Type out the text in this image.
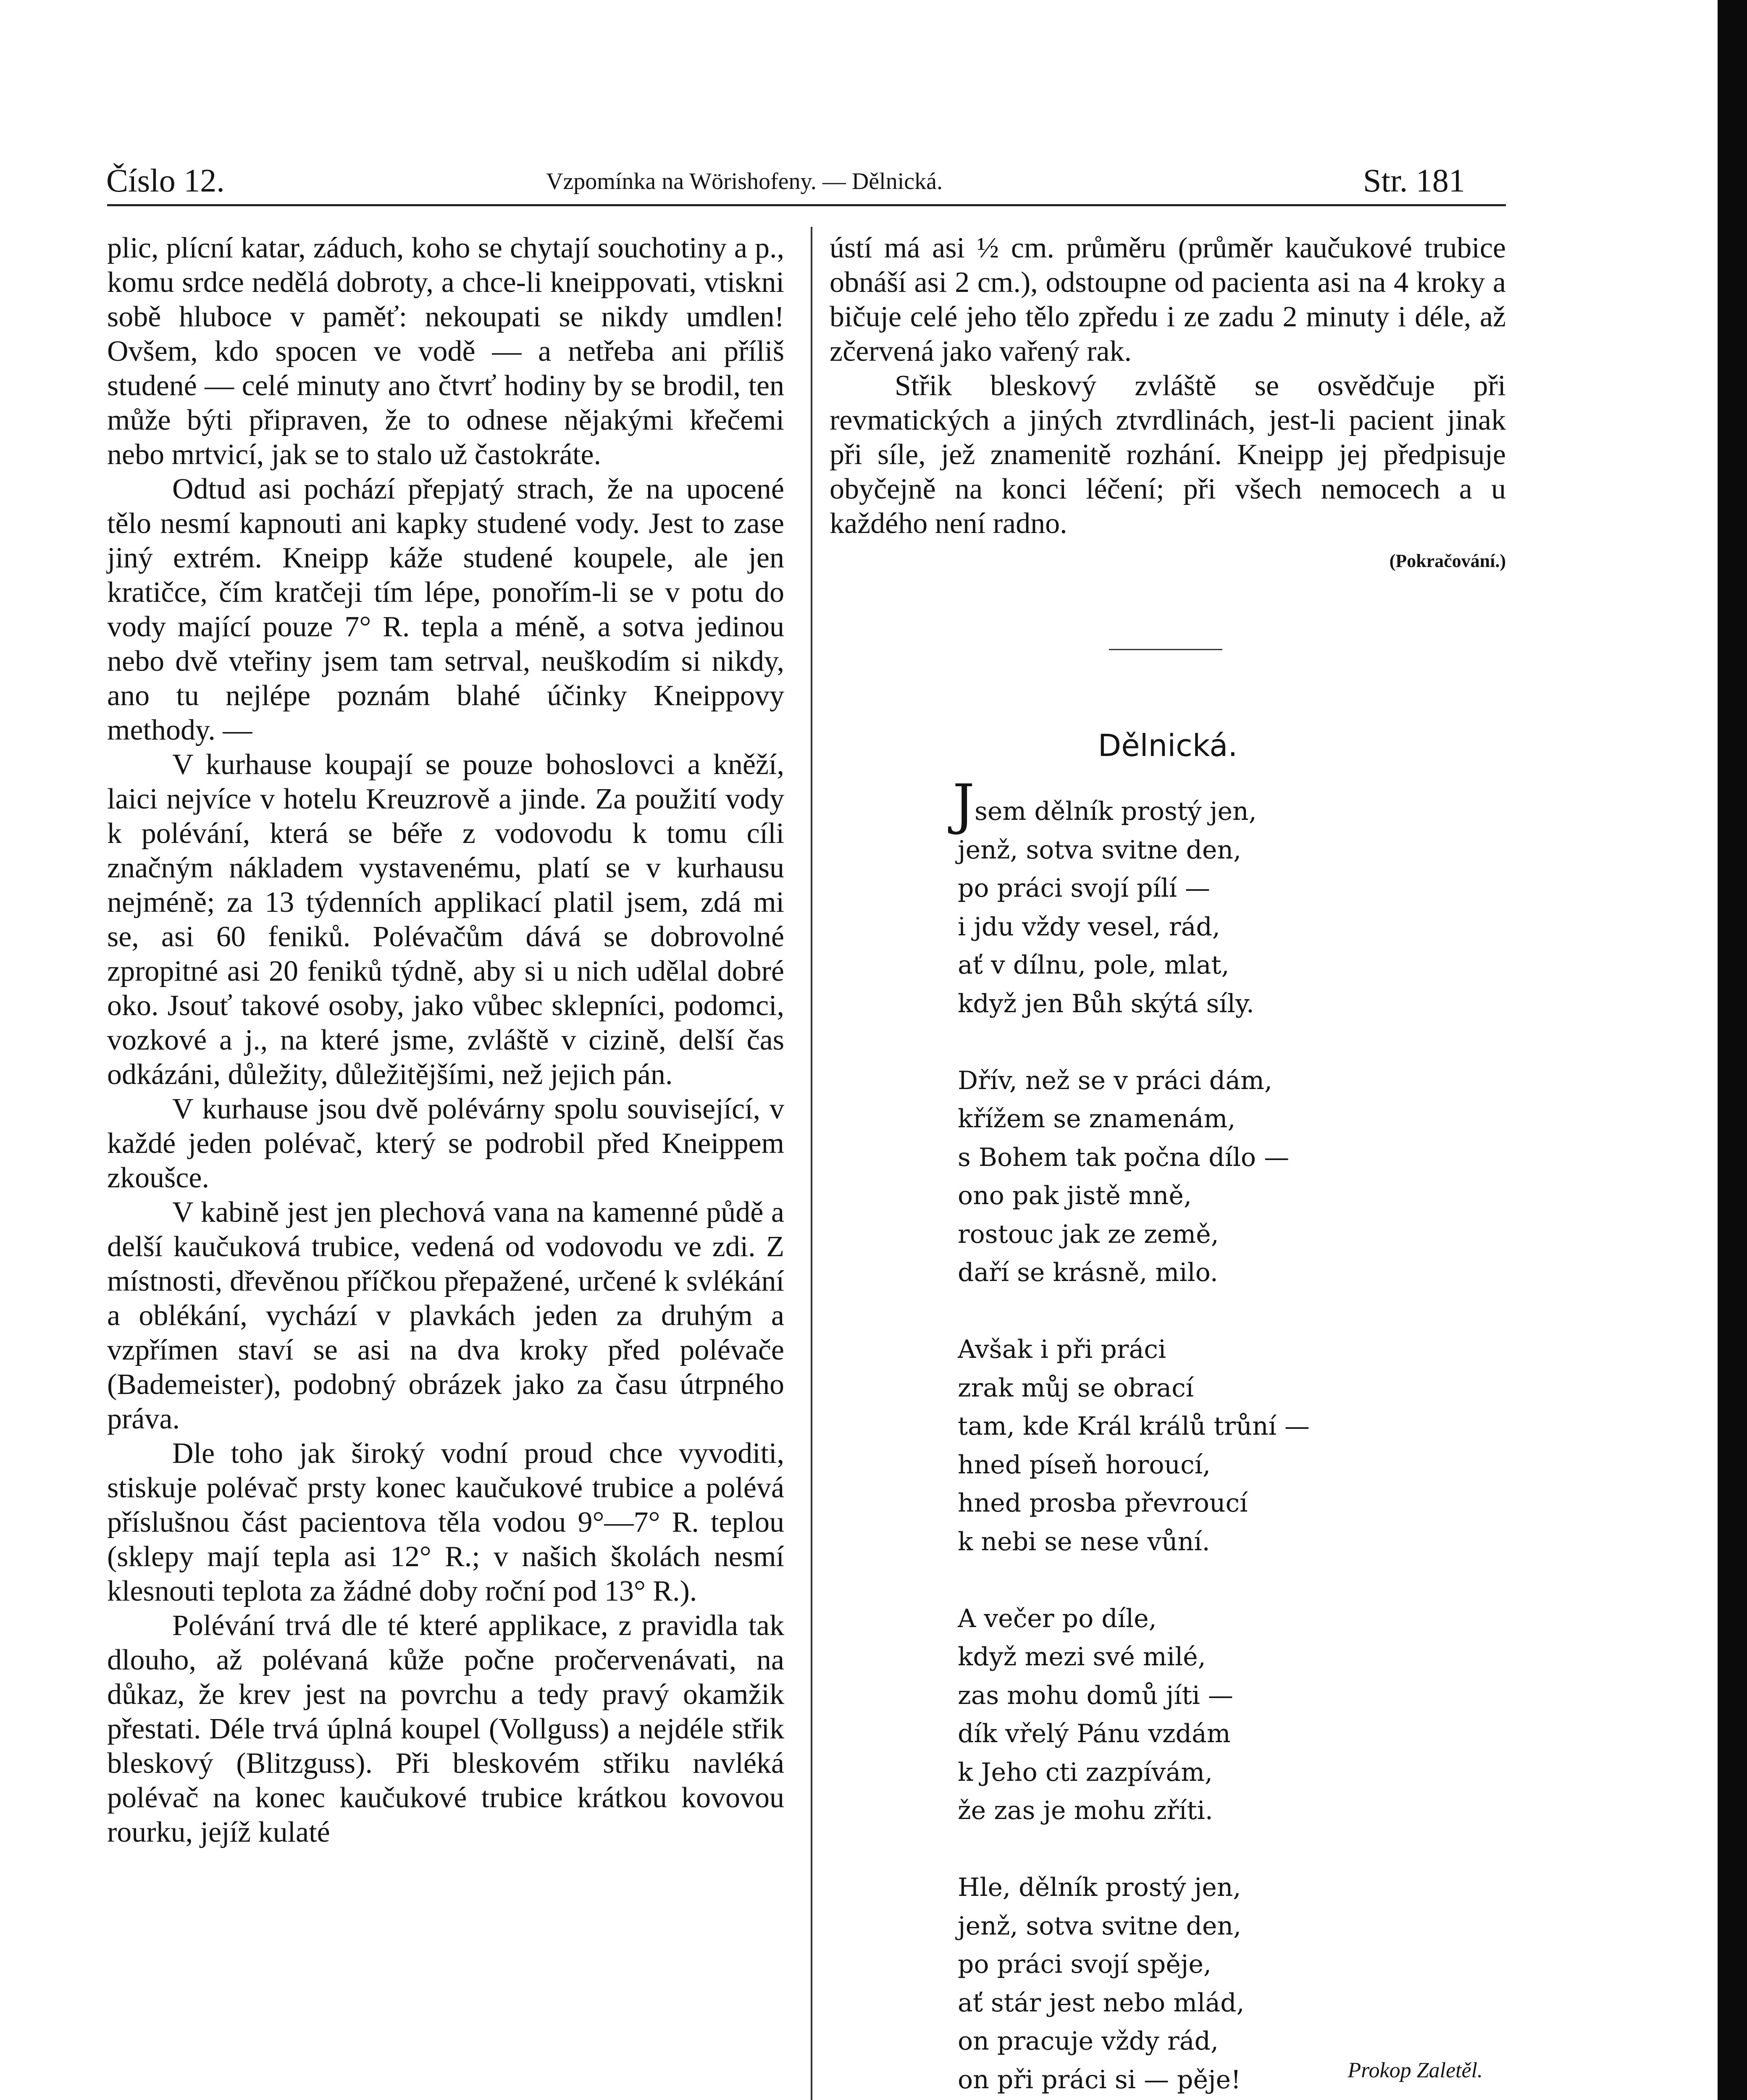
Číslo 12.	Vzpomínka na Wörishofeny. — Dělnická.	Str. 181

plic, plícní katar, záduch, koho se chytají souchotiny a p., komu srdce nedělá dobroty, a chce-li kneippovati, vtiskni sobě hluboce v paměť: nekoupati se nikdy umdlen! Ovšem, kdo spocen ve vodě — a netřeba ani příliš studené — celé minuty ano čtvrť hodiny by se brodil, ten může býti připraven, že to odnese nějakými křečemi nebo mrtvicí, jak se to stalo už častokráte.

Odtud asi pochází přepjatý strach, že na upocené tělo nesmí kapnouti ani kapky studené vody. Jest to zase jiný extrém. Kneipp káže studené koupele, ale jen kratičce, čím kratčeji tím lépe, ponořím-li se v potu do vody mající pouze 7° R. tepla a méně, a sotva jedinou nebo dvě vteřiny jsem tam setrval, neuškodím si nikdy, ano tu nejlépe poznám blahé účinky Kneippovy methody. —

V kurhause koupají se pouze bohoslovci a kněží, laici nejvíce v hotelu Kreuzrově a jinde. Za použití vody k polévání, která se béře z vodovodu k tomu cíli značným nákladem vystavenému, platí se v kurhausu nejméně; za 13 týdenních applikací platil jsem, zdá mi se, asi 60 feniků. Polévačům dává se dobrovolné zpropitné asi 20 feniků týdně, aby si u nich udělal dobré oko. Jsouť takové osoby, jako vůbec sklepníci, podomci, vozkové a j., na které jsme, zvláště v cizině, delší čas odkázáni, důležity, důležitějšími, než jejich pán.

V kurhause jsou dvě polévárny spolu související, v každé jeden polévač, který se podrobil před Kneippem zkoušce.

V kabině jest jen plechová vana na kamenné půdě a delší kaučuková trubice, vedená od vodovodu ve zdi. Z místnosti, dřevěnou příčkou přepažené, určené k svlékání a oblékání, vychází v plavkách jeden za druhým a vzpřímen staví se asi na dva kroky před polévače (Bademeister), podobný obrázek jako za času útrpného práva.

Dle toho jak široký vodní proud chce vyvoditi, stiskuje polévač prsty konec kaučukové trubice a polévá příslušnou část pacientova těla vodou 9°—7° R. teplou (sklepy mají tepla asi 12° R.; v našich školách nesmí klesnouti teplota za žádné doby roční pod 13° R.).

Polévání trvá dle té které applikace, z pravidla tak dlouho, až polévaná kůže počne pročervenávati, na důkaz, že krev jest na povrchu a tedy pravý okamžik přestati. Déle trvá úplná koupel (Vollguss) a nejdéle střik bleskový (Blitzguss). Při bleskovém střiku navléká polévač na konec kaučukové trubice krátkou kovovou rourku, jejíž kulaté

ústí má asi ½ cm. průměru (průměr kaučukové trubice obnáší asi 2 cm.), odstoupne od pacienta asi na 4 kroky a bičuje celé jeho tělo zpředu i ze zadu 2 minuty i déle, až zčervená jako vařený rak.

Střik bleskový zvláště se osvědčuje při revmatických a jiných ztvrdlinách, jest-li pacient jinak při síle, jež znamenitě rozhání. Kneipp jej předpisuje obyčejně na konci léčení; při všech nemocech a u každého není radno.

(Pokračování.)
Dělnická.
Jsem dělník prostý jen,
jenž, sotva svitne den,
po práci svojí pílí —
i jdu vždy vesel, rád,
ať v dílnu, pole, mlat,
když jen Bůh skýtá síly.
Dřív, než se v práci dám,
křížem se znamenám,
s Bohem tak počna dílo —
ono pak jistě mně,
rostouc jak ze země,
daří se krásně, milo.
Avšak i při práci
zrak můj se obrací
tam, kde Král králů trůní —
hned píseň horoucí,
hned prosba převroucí
k nebi se nese vůní.
A večer po díle,
když mezi své milé,
zas mohu domů jíti —
dík vřelý Pánu vzdám
k Jeho cti zazpívám,
že zas je mohu zříti.
Hle, dělník prostý jen,
jenž, sotva svitne den,
po práci svojí spěje,
ať stár jest nebo mlád,
on pracuje vždy rád,
on při práci si — pěje!	Prokop Zaletěl.
